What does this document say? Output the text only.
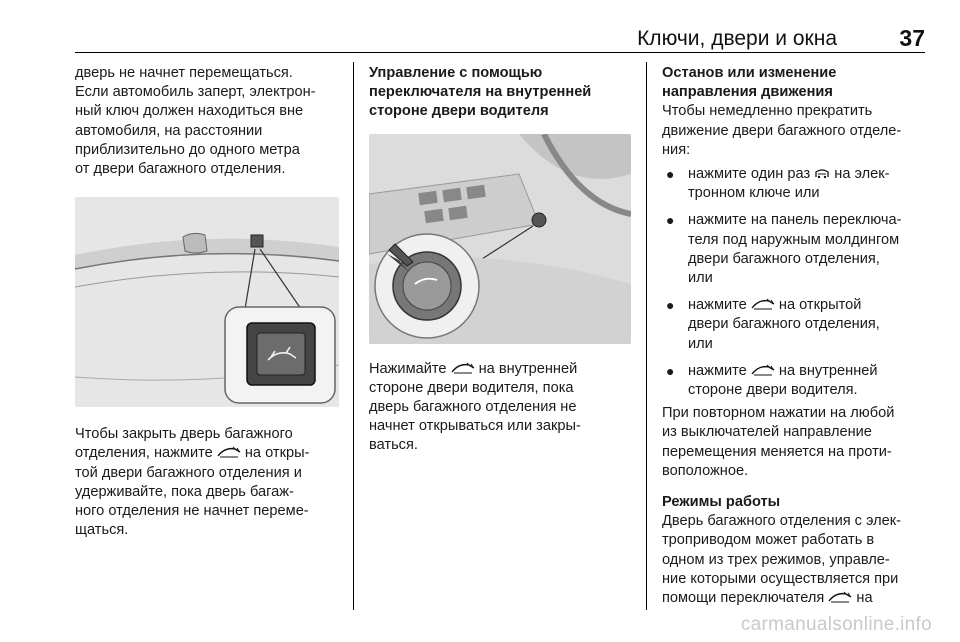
Ключи, двери и окна	37

дверь не начнет перемещаться.

Если автомобиль заперт, электрон-

ный ключ должен находиться вне

автомобиля, на расстоянии

приблизительно до одного метра

от двери багажного отделения.

Чтобы закрыть дверь багажного

отделения, нажмите
на откры-

той двери багажного отделения и

удерживайте, пока дверь багаж-

ного отделения не начнет переме-

щаться.

Управление с помощью

переключателя на внутренней

стороне двери водителя

Нажимайте
на внутренней

стороне двери водителя, пока

дверь багажного отделения не

начнет открываться или закры-

ваться.

Останов или изменение

направления движения

Чтобы немедленно прекратить

движение двери багажного отделе-

ния:

● нажмите один раз
на элек-
тронном ключе или
● нажмите на панель переключа-
теля под наружным молдингом
двери багажного отделения,
или
● нажмите
на открытой
двери багажного отделения,
или
● нажмите
на внутренней
стороне двери водителя.

При повторном нажатии на любой

из выключателей направление

перемещения меняется на проти-

воположное.

Режимы работы

Дверь багажного отделения с элек-

троприводом может работать в

одном из трех режимов, управле-

ние которыми осуществляется при

помощи переключателя
на

carmanualsonline.info
